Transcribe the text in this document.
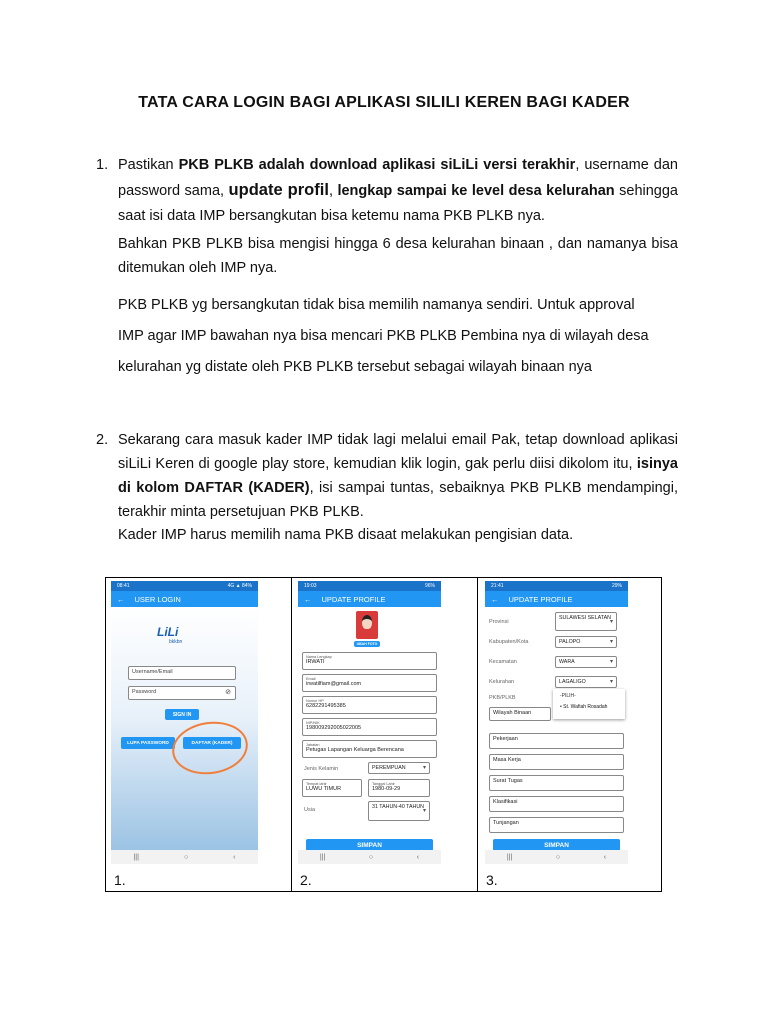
TATA CARA LOGIN BAGI APLIKASI SILILI KEREN BAGI KADER
1. Pastikan PKB PLKB adalah download aplikasi siLiLi versi terakhir, username dan password sama, update profil, lengkap sampai ke level desa kelurahan sehingga saat isi data IMP bersangkutan bisa ketemu nama PKB PLKB nya.
Bahkan PKB PLKB bisa mengisi hingga 6 desa kelurahan binaan , dan namanya bisa ditemukan oleh IMP nya.
PKB PLKB yg bersangkutan tidak bisa memilih namanya sendiri. Untuk approval
IMP agar IMP bawahan nya bisa mencari PKB PLKB Pembina nya di wilayah desa
kelurahan yg distate oleh PKB PLKB tersebut sebagai wilayah binaan nya
2. Sekarang cara masuk kader IMP tidak lagi melalui email Pak, tetap download aplikasi siLiLi Keren di google play store, kemudian klik login, gak perlu diisi dikolom itu, isinya di kolom DAFTAR (KADER), isi sampai tuntas, sebaiknya PKB PLKB mendampingi, terakhir minta persetujuan PKB PLKB.
Kader IMP harus memilih nama PKB disaat melakukan pengisian data.
08:41	4G ▲ 84%
← USER LOGIN
LiLi
bkkbn
Username/Email
Password	⊘
SIGN IN
LUPA PASSWORD	DAFTAR (KADER)
|||	○	‹
1.
19:03	96%
← UPDATE PROFILE
UBAH FOTO
Nama Lengkap
IRWATI
Email
irwatilfiam@gmail.com
Nomor HP
6282291495385
NIP/NIK
198009292005022005
Jabatan
Petugas Lapangan Keluarga Berencana
Jenis Kelamin	PEREMPUAN ▾
Tempat lahir
LUWU TIMUR
Tanggal Lahir
1980-09-29
Usia	31 TAHUN-40 TAHUN ▾
SIMPAN
|||	○	‹
2.
21:41	29%
← UPDATE PROFILE
Provinsi
SULAWESI SELATAN ▾
Kabupaten/Kota	PALOPO ▾
Kecamatan	WARA ▾
Kelurahan	LAGALIGO ▾
PKB/PLKB	-PILIH-
• St. Wafiah Rosadah
Wilayah Binaan
Pekerjaan
Masa Kerja
Surat Tugas
Klasifikasi
Tunjangan
SIMPAN
|||	○	‹
3.
